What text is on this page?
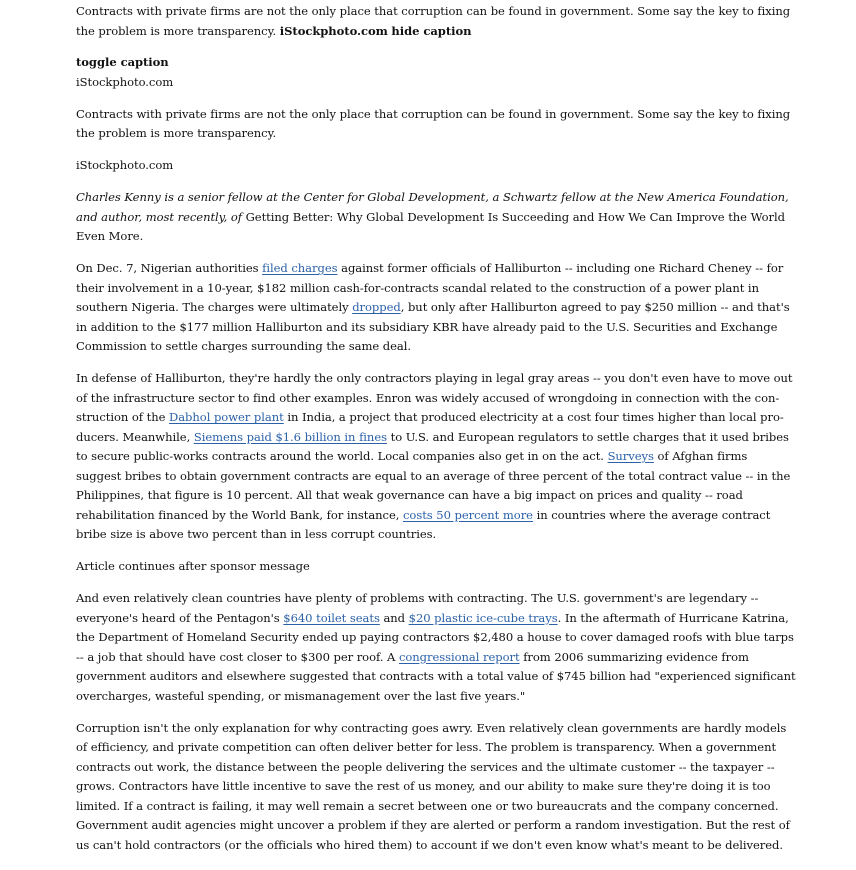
Contracts with private firms are not the only place that corruption can be found in government. Some say the key to fixing the problem is more transparency. iStockphoto.com hide caption

toggle caption

iStockphoto.com

Contracts with private firms are not the only place that corruption can be found in government. Some say the key to fixing the problem is more transparency.

iStockphoto.com

Charles Kenny is a senior fellow at the Center for Global Development, a Schwartz fellow at the New America Foundation, and author, most recently, of Getting Better: Why Global Development Is Succeeding and How We Can Improve the World Even More.

On Dec. 7, Nigerian authorities filed charges against former officials of Halliburton -- including one Richard Cheney -- for their involvement in a 10-year, $182 million cash-for-contracts scandal related to the construction of a power plant in southern Nigeria. The charges were ultimately dropped, but only after Halliburton agreed to pay $250 million -- and that's in addition to the $177 million Halliburton and its subsidiary KBR have already paid to the U.S. Securities and Exchange Commission to settle charges surrounding the same deal.

In defense of Halliburton, they're hardly the only contractors playing in legal gray areas -- you don't even have to move out of the infrastructure sector to find other examples. Enron was widely accused of wrongdoing in connection with the construction of the Dabhol power plant in India, a project that produced electricity at a cost four times higher than local producers. Meanwhile, Siemens paid $1.6 billion in fines to U.S. and European regulators to settle charges that it used bribes to secure public-works contracts around the world. Local companies also get in on the act. Surveys of Afghan firms suggest bribes to obtain government contracts are equal to an average of three percent of the total contract value -- in the Philippines, that figure is 10 percent. All that weak governance can have a big impact on prices and quality -- road rehabilitation financed by the World Bank, for instance, costs 50 percent more in countries where the average contract bribe size is above two percent than in less corrupt countries.

Article continues after sponsor message

And even relatively clean countries have plenty of problems with contracting. The U.S. government's are legendary -- everyone's heard of the Pentagon's $640 toilet seats and $20 plastic ice-cube trays. In the aftermath of Hurricane Katrina, the Department of Homeland Security ended up paying contractors $2,480 a house to cover damaged roofs with blue tarps -- a job that should have cost closer to $300 per roof. A congressional report from 2006 summarizing evidence from government auditors and elsewhere suggested that contracts with a total value of $745 billion had "experienced significant overcharges, wasteful spending, or mismanagement over the last five years."

Corruption isn't the only explanation for why contracting goes awry. Even relatively clean governments are hardly models of efficiency, and private competition can often deliver better for less. The problem is transparency. When a government contracts out work, the distance between the people delivering the services and the ultimate customer -- the taxpayer -- grows. Contractors have little incentive to save the rest of us money, and our ability to make sure they're doing it is too limited. If a contract is failing, it may well remain a secret between one or two bureaucrats and the company concerned. Government audit agencies might uncover a problem if they are alerted or perform a random investigation. But the rest of us can't hold contractors (or the officials who hired them) to account if we don't even know what's meant to be delivered.
